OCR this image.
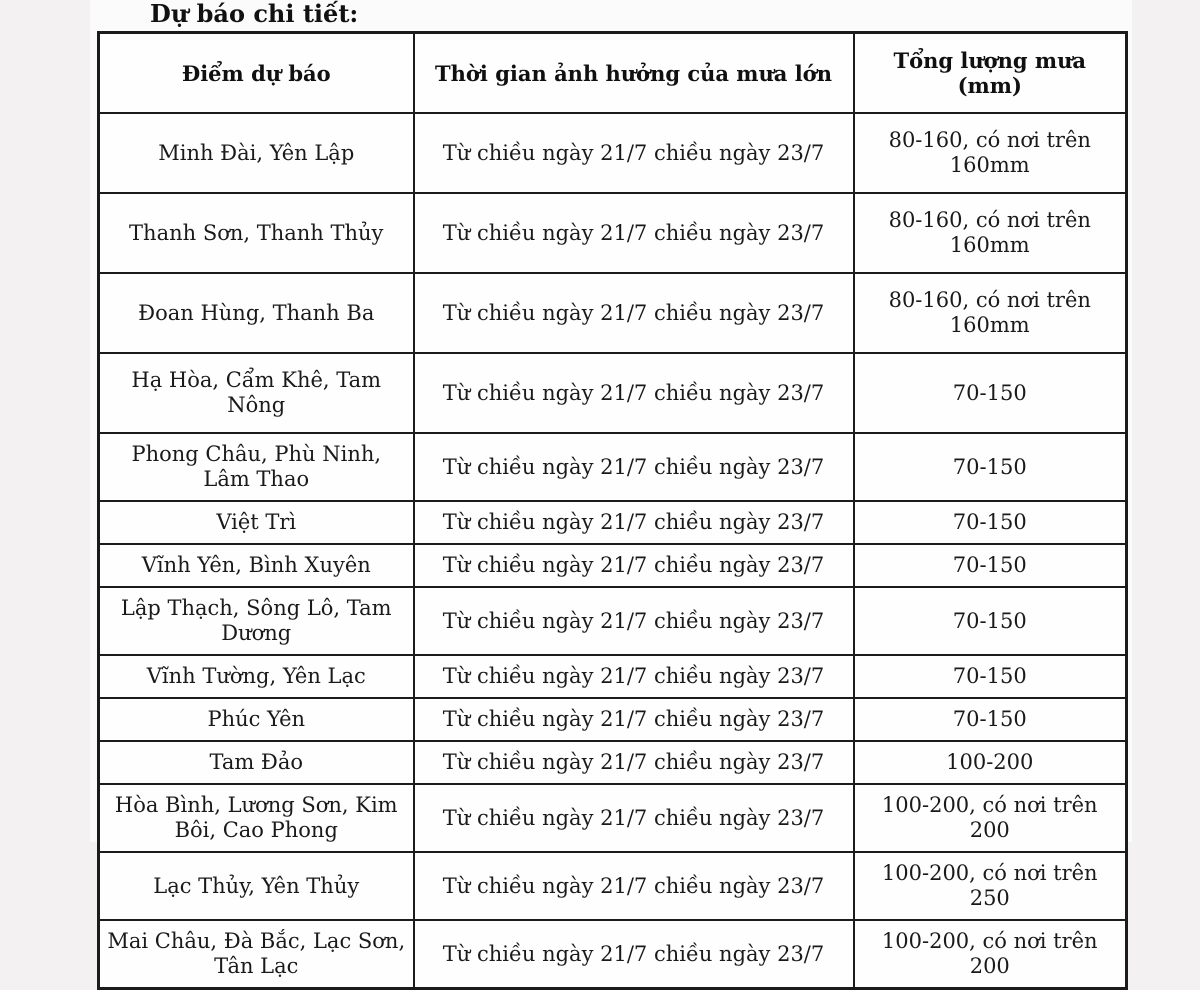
Dự báo chi tiết:
Điểm dự báo	Thời gian ảnh hưởng của mưa lớn	Tổng lượng mưa (mm)
Minh Đài, Yên Lập	Từ chiều ngày 21/7 chiều ngày 23/7	80-160, có nơi trên 160mm
Thanh Sơn, Thanh Thủy	Từ chiều ngày 21/7 chiều ngày 23/7	80-160, có nơi trên 160mm
Đoan Hùng, Thanh Ba	Từ chiều ngày 21/7 chiều ngày 23/7	80-160, có nơi trên 160mm
Hạ Hòa, Cẩm Khê, Tam Nông	Từ chiều ngày 21/7 chiều ngày 23/7	70-150
Phong Châu, Phù Ninh, Lâm Thao	Từ chiều ngày 21/7 chiều ngày 23/7	70-150
Việt Trì	Từ chiều ngày 21/7 chiều ngày 23/7	70-150
Vĩnh Yên, Bình Xuyên	Từ chiều ngày 21/7 chiều ngày 23/7	70-150
Lập Thạch, Sông Lô, Tam Dương	Từ chiều ngày 21/7 chiều ngày 23/7	70-150
Vĩnh Tường, Yên Lạc	Từ chiều ngày 21/7 chiều ngày 23/7	70-150
Phúc Yên	Từ chiều ngày 21/7 chiều ngày 23/7	70-150
Tam Đảo	Từ chiều ngày 21/7 chiều ngày 23/7	100-200
Hòa Bình, Lương Sơn, Kim Bôi, Cao Phong	Từ chiều ngày 21/7 chiều ngày 23/7	100-200, có nơi trên 200
Lạc Thủy, Yên Thủy	Từ chiều ngày 21/7 chiều ngày 23/7	100-200, có nơi trên 250
Mai Châu, Đà Bắc, Lạc Sơn, Tân Lạc	Từ chiều ngày 21/7 chiều ngày 23/7	100-200, có nơi trên 200
